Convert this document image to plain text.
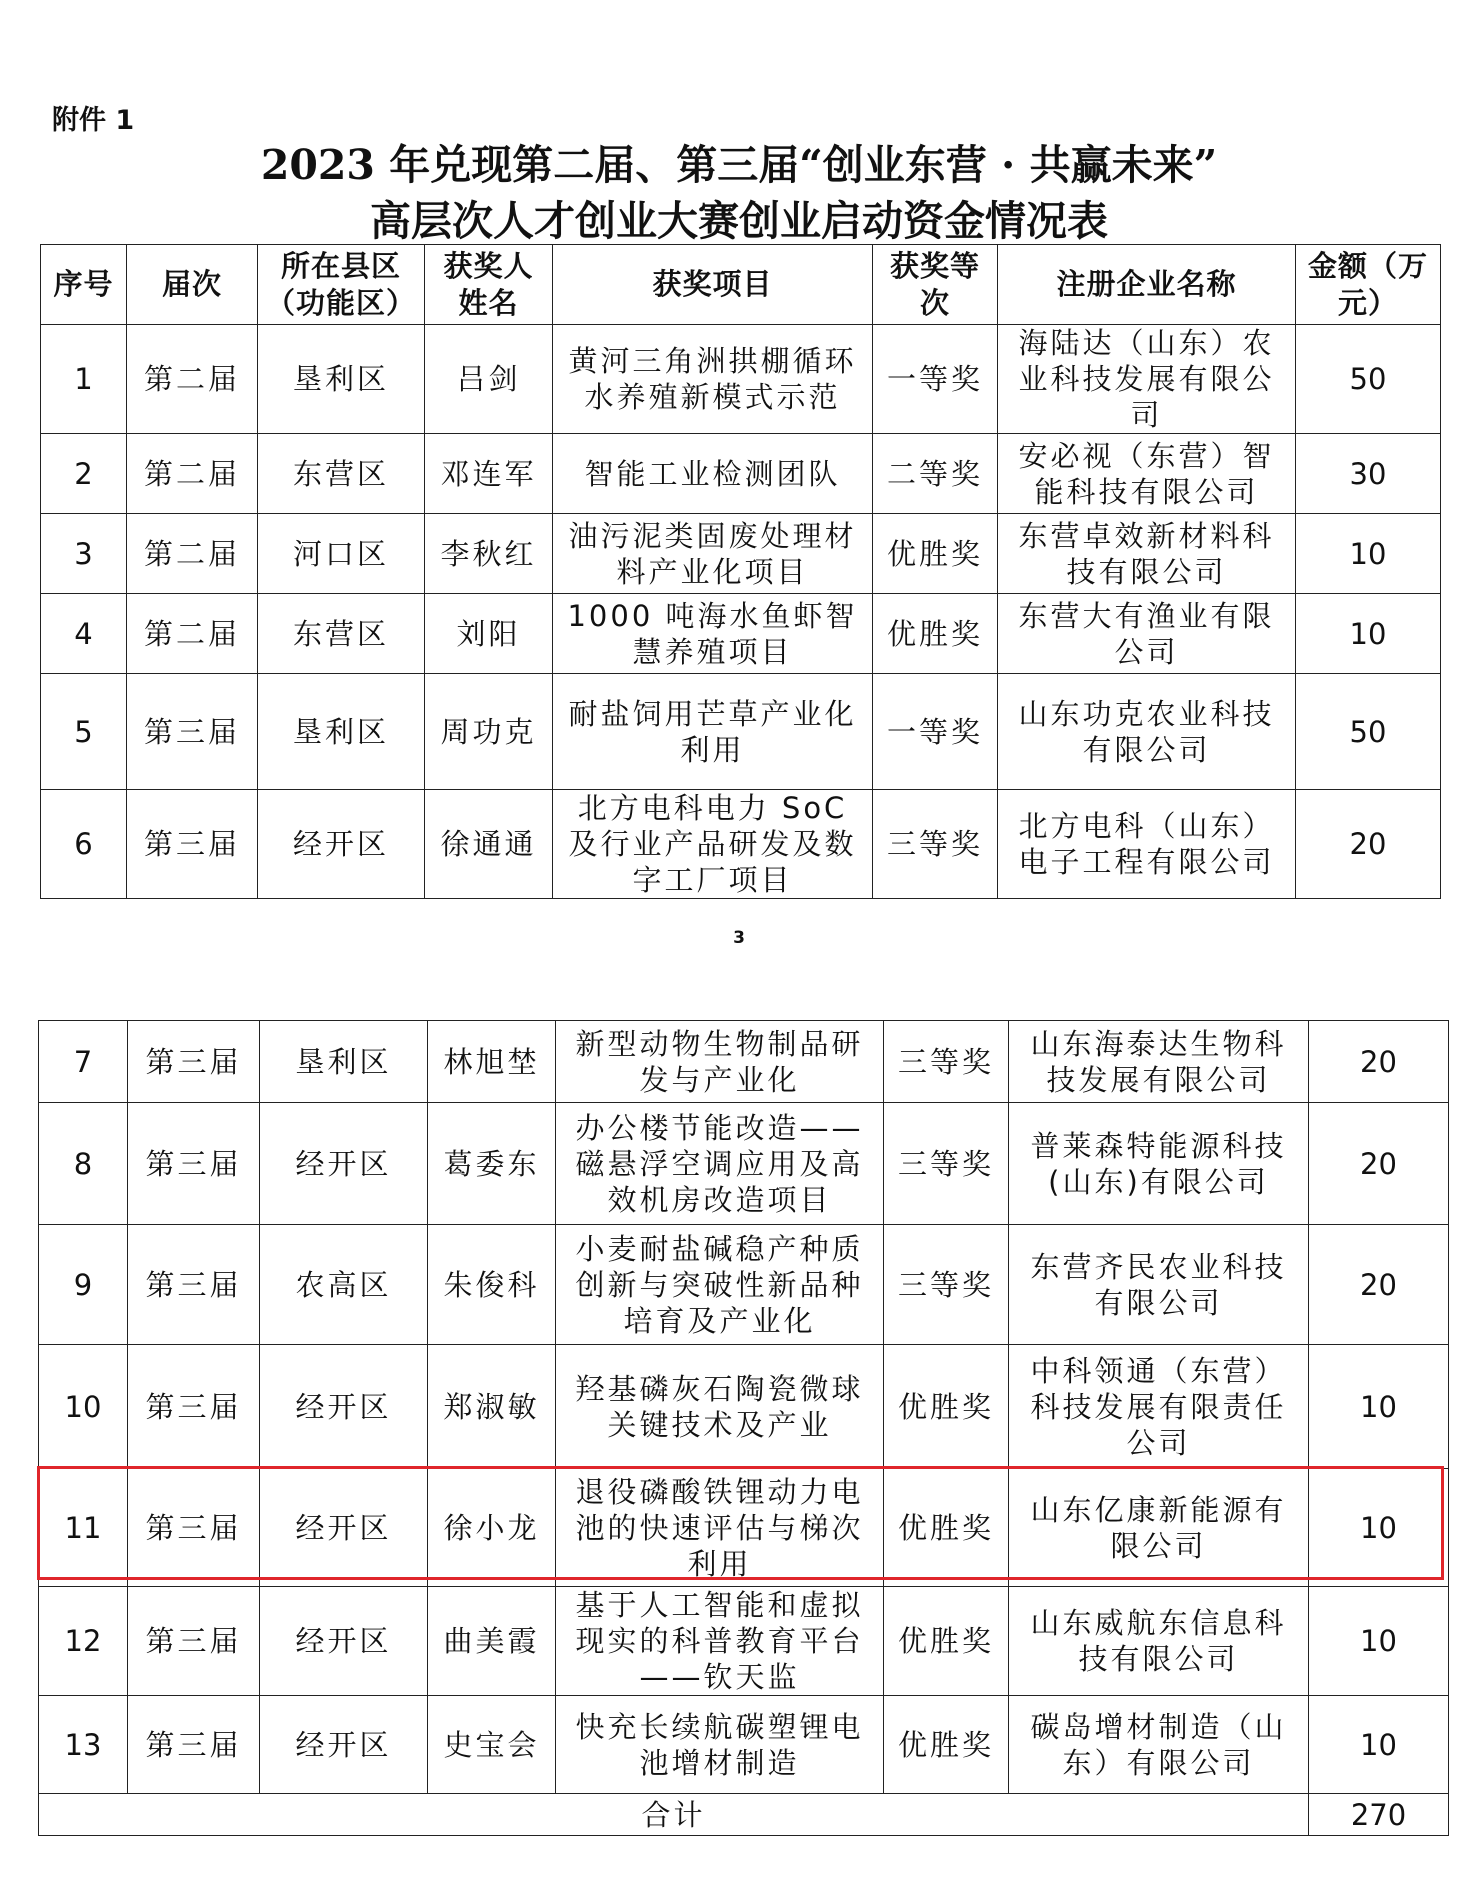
附件 1
2023 年兑现第二届、第三届“创业东营 · 共赢未来”
高层次人才创业大赛创业启动资金情况表
序号	届次	所在县区（功能区）	获奖人姓名	获奖项目	获奖等次	注册企业名称	金额（万元）
1	第二届	垦利区	吕剑	黄河三角洲拱棚循环水养殖新模式示范	一等奖	海陆达（山东）农业科技发展有限公司	50
2	第二届	东营区	邓连军	智能工业检测团队	二等奖	安必视（东营）智能科技有限公司	30
3	第二届	河口区	李秋红	油污泥类固废处理材料产业化项目	优胜奖	东营卓效新材料科技有限公司	10
4	第二届	东营区	刘阳	1000 吨海水鱼虾智慧养殖项目	优胜奖	东营大有渔业有限公司	10
5	第三届	垦利区	周功克	耐盐饲用芒草产业化利用	一等奖	山东功克农业科技有限公司	50
6	第三届	经开区	徐通通	北方电科电力 SoC 及行业产品研发及数字工厂项目	三等奖	北方电科（山东）电子工程有限公司	20
3
7	第三届	垦利区	林旭埜	新型动物生物制品研发与产业化	三等奖	山东海泰达生物科技发展有限公司	20
8	第三届	经开区	葛委东	办公楼节能改造——磁悬浮空调应用及高效机房改造项目	三等奖	普莱森特能源科技(山东)有限公司	20
9	第三届	农高区	朱俊科	小麦耐盐碱稳产种质创新与突破性新品种培育及产业化	三等奖	东营齐民农业科技有限公司	20
10	第三届	经开区	郑淑敏	羟基磷灰石陶瓷微球关键技术及产业	优胜奖	中科领通（东营）科技发展有限责任公司	10
11	第三届	经开区	徐小龙	退役磷酸铁锂动力电池的快速评估与梯次利用	优胜奖	山东亿康新能源有限公司	10
12	第三届	经开区	曲美霞	基于人工智能和虚拟现实的科普教育平台——钦天监	优胜奖	山东威航东信息科技有限公司	10
13	第三届	经开区	史宝会	快充长续航碳塑锂电池增材制造	优胜奖	碳岛增材制造（山东）有限公司	10
合计							270
